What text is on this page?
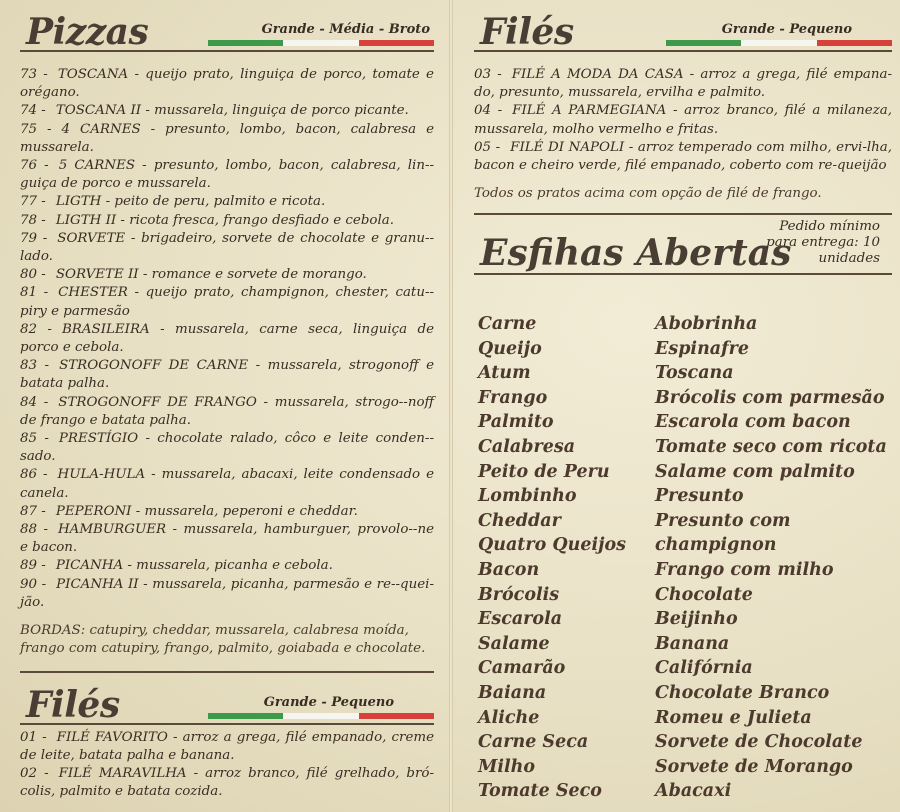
Pizzas	Grande - Média - Broto

73 - TOSCANA - queijo prato, linguiça de porco, tomate e orégano.

74 - TOSCANA II - mussarela, linguiça de porco picante.

75 - 4 CARNES - presunto, lombo, bacon, calabresa e mussarela.

76 - 5 CARNES - presunto, lombo, bacon, calabresa, lin--guiça de porco e mussarela.

77 - LIGTH - peito de peru, palmito e ricota.

78 - LIGTH II - ricota fresca, frango desfiado e cebola.

79 - SORVETE - brigadeiro, sorvete de chocolate e granu--lado.

80 - SORVETE II - romance e sorvete de morango.

81 - CHESTER - queijo prato, champignon, chester, catu--piry e parmesão

82 - BRASILEIRA - mussarela, carne seca, linguiça de porco e cebola.

83 - STROGONOFF DE CARNE - mussarela, strogonoff e batata palha.

84 - STROGONOFF DE FRANGO - mussarela, strogo--noff de frango e batata palha.

85 - PRESTÍGIO - chocolate ralado, côco e leite conden--sado.

86 - HULA-HULA - mussarela, abacaxi, leite condensado e canela.

87 - PEPERONI - mussarela, peperoni e cheddar.

88 - HAMBURGUER - mussarela, hamburguer, provolo--ne e bacon.

89 - PICANHA - mussarela, picanha e cebola.

90 - PICANHA II - mussarela, picanha, parmesão e re--quei-jão.

BORDAS: catupiry, cheddar, mussarela, calabresa moída, frango com catupiry, frango, palmito, goiabada e chocolate.
Filés	Grande - Pequeno

01 - FILÉ FAVORITO - arroz a grega, filé empanado, creme de leite, batata palha e banana.

02 - FILÉ MARAVILHA - arroz branco, filé grelhado, bró-colis, palmito e batata cozida.

Filés	Grande - Pequeno

03 - FILÉ A MODA DA CASA - arroz a grega, filé empana-do, presunto, mussarela, ervilha e palmito.

04 - FILÉ A PARMEGIANA - arroz branco, filé a milaneza, mussarela, molho vermelho e fritas.

05 - FILÉ DI NAPOLI - arroz temperado com milho, ervi-lha, bacon e cheiro verde, filé empanado, coberto com re-queijão

Todos os pratos acima com opção de filé de frango.
Esfihas Abertas
Pedido mínimo para entrega: 10 unidades
Carne
Queijo
Atum
Frango
Palmito
Calabresa
Peito de Peru
Lombinho
Cheddar
Quatro Queijos
Bacon
Brócolis
Escarola
Salame
Camarão
Baiana
Aliche
Carne Seca
Milho
Tomate Seco
Abobrinha
Espinafre
Toscana
Brócolis com parmesão
Escarola com bacon
Tomate seco com ricota
Salame com palmito
Presunto
Presunto com champignon
Frango com milho
Chocolate
Beijinho
Banana
Califórnia
Chocolate Branco
Romeu e Julieta
Sorvete de Chocolate
Sorvete de Morango
Abacaxi
